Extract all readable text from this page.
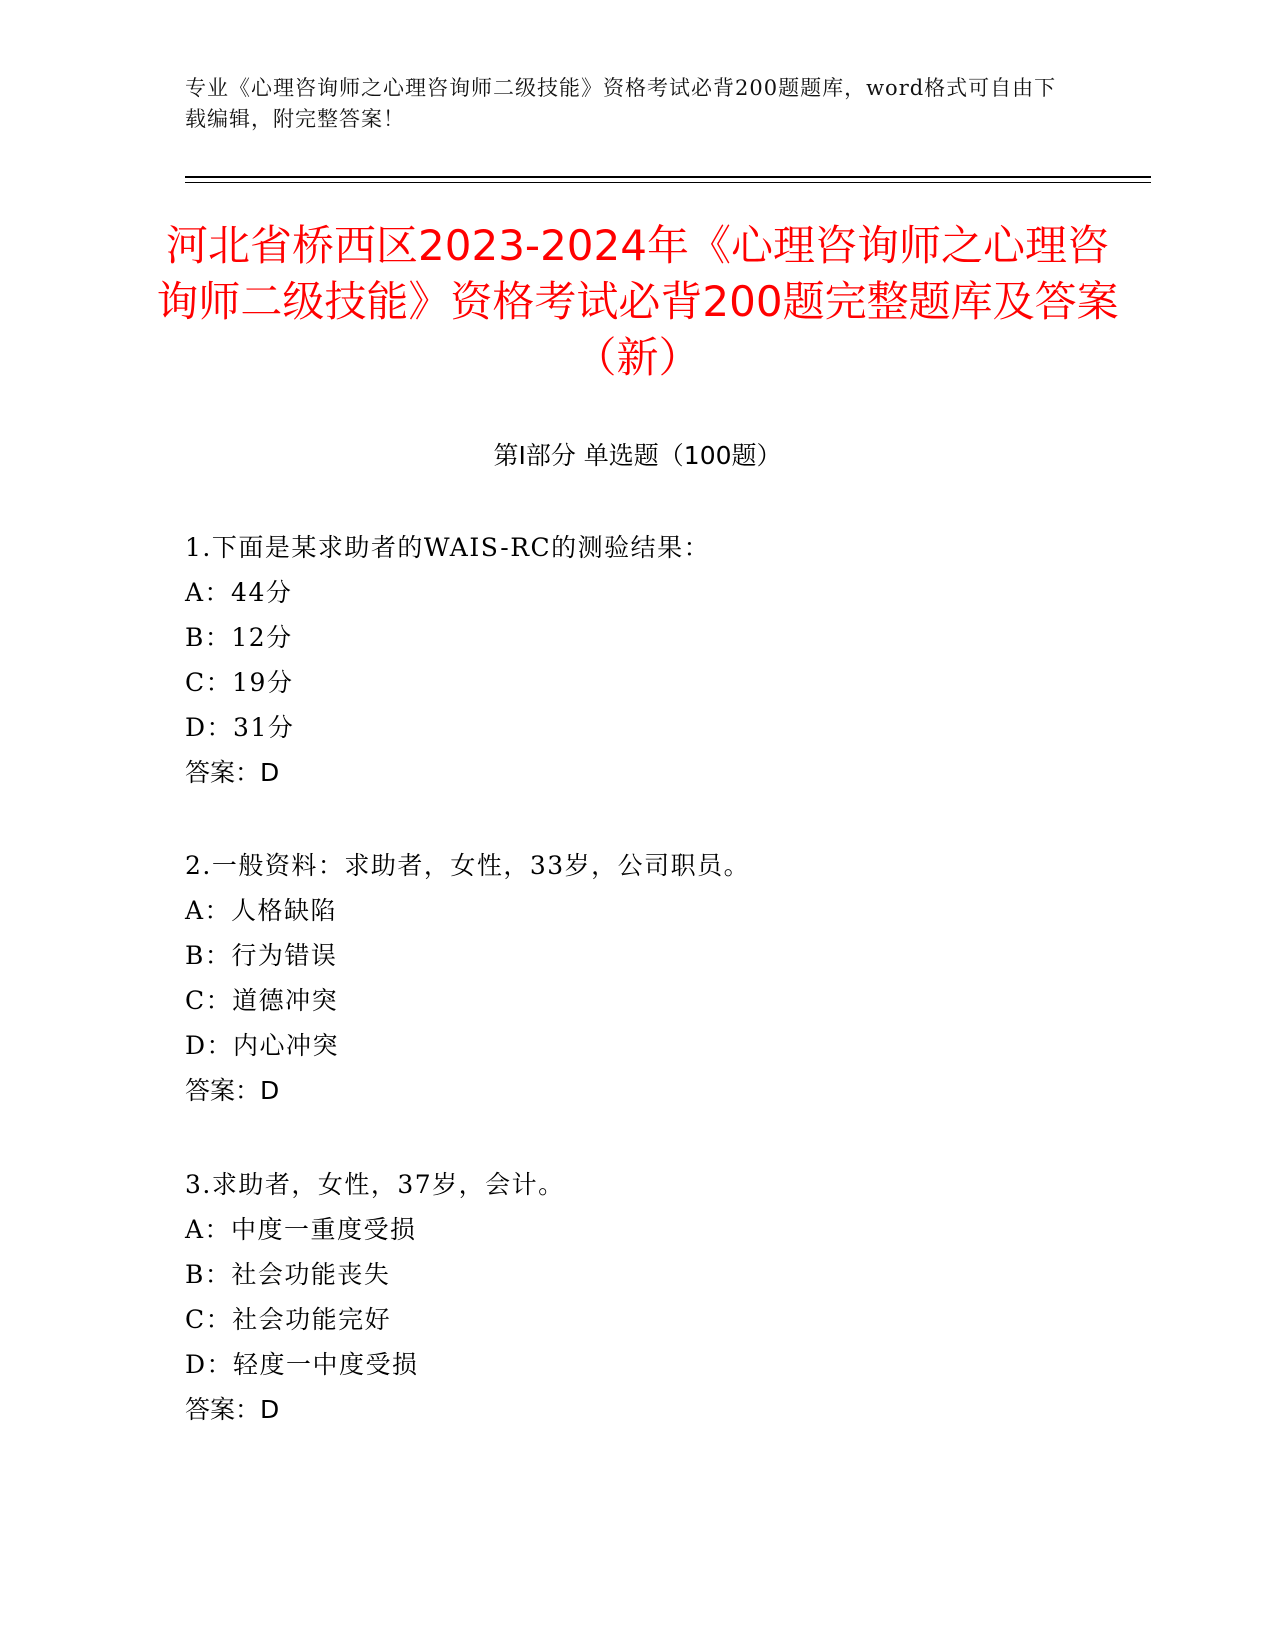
专业《心理咨询师之心理咨询师二级技能》资格考试必背200题题库，word格式可自由下载编辑，附完整答案！
河北省桥西区2023-2024年《心理咨询师之心理咨询师二级技能》资格考试必背200题完整题库及答案（新）
第Ⅰ部分 单选题（100题）
1.下面是某求助者的WAIS-RC的测验结果：
A：44分
B：12分
C：19分
D：31分
答案：D
2.一般资料：求助者，女性，33岁，公司职员。
A：人格缺陷
B：行为错误
C：道德冲突
D：内心冲突
答案：D
3.求助者，女性，37岁，会计。
A：中度一重度受损
B：社会功能丧失
C：社会功能完好
D：轻度一中度受损
答案：D
